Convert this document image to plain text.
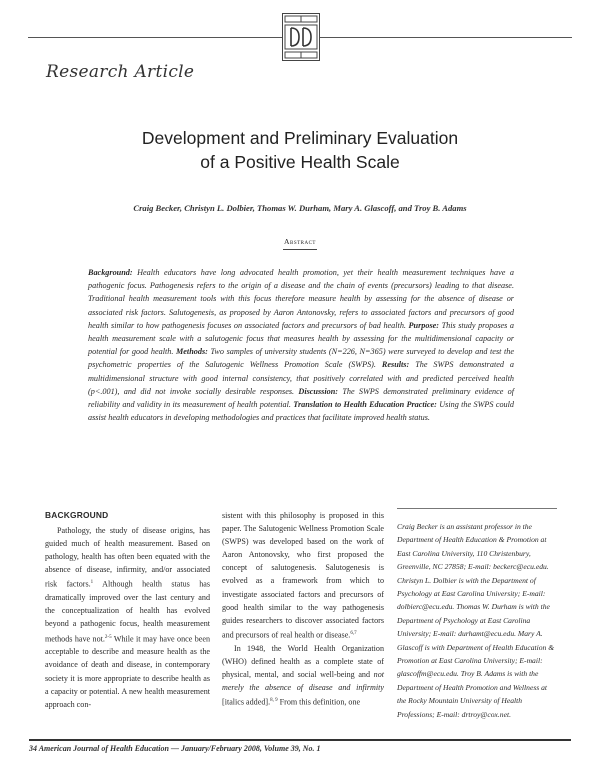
Research Article
Development and Preliminary Evaluation
of a Positive Health Scale
Craig Becker, Christyn L. Dolbier, Thomas W. Durham, Mary A. Glascoff, and Troy B. Adams
Abstract
Background: Health educators have long advocated health promotion, yet their health measurement techniques have a pathogenic focus. Pathogenesis refers to the origin of a disease and the chain of events (precursors) leading to that disease. Traditional health measurement tools with this focus therefore measure health by assessing for the absence of disease or associated risk factors. Salutogenesis, as proposed by Aaron Antonovsky, refers to associated factors and precursors of good health similar to how pathogenesis focuses on associated factors and precursors of bad health. Purpose: This study proposes a health measurement scale with a salutogenic focus that measures health by assessing for the multidimensional capacity or potential for good health. Methods: Two samples of university students (N=226, N=365) were surveyed to develop and test the psychometric properties of the Salutogenic Wellness Promotion Scale (SWPS). Results: The SWPS demonstrated a multidimensional structure with good internal consistency, that positively correlated with and predicted perceived health (p<.001), and did not invoke socially desirable responses. Discussion: The SWPS demonstrated preliminary evidence of reliability and validity in its measurement of health potential. Translation to Health Education Practice: Using the SWPS could assist health educators in developing methodologies and practices that facilitate improved health status.
BACKGROUND

Pathology, the study of disease origins, has guided much of health measurement. Based on pathology, health has often been equated with the absence of disease, infirmity, and/or associated risk factors.$^1$ Although health status has dramatically improved over the last century and the conceptualization of health has evolved beyond a pathogenic focus, health measurement methods have not.$^{2-5}$ While it may have once been acceptable to describe and measure health as the avoidance of death and disease, in contemporary society it is more appropriate to describe health as a capacity or potential. A new health measurement approach con-

sistent with this philosophy is proposed in this paper. The Salutogenic Wellness Promotion Scale (SWPS) was developed based on the work of Aaron Antonovsky, who first proposed the concept of salutogenesis. Salutogenesis is evolved as a framework from which to investigate associated factors and precursors of good health similar to the way pathogenesis guides researchers to discover associated factors and precursors of real health or disease.$^{6,7}$

In 1948, the World Health Organization (WHO) defined health as a complete state of physical, mental, and social well-being and not merely the absence of disease and infirmity [italics added].$^{8, 9}$ From this definition, one

Craig Becker is an assistant professor in the Department of Health Education & Promotion at East Carolina University, 110 Christenbury, Greenville, NC 27858; E-mail: beckerc@ecu.edu. Christyn L. Dolbier is with the Department of Psychology at East Carolina University; E-mail: dolbierc@ecu.edu. Thomas W. Durham is with the Department of Psychology at East Carolina University; E-mail: durhamt@ecu.edu. Mary A. Glascoff is with Department of Health Education & Promotion at East Carolina University; E-mail: glascoffm@ecu.edu. Troy B. Adams is with the Department of Health Promotion and Wellness at the Rocky Mountain University of Health Professions; E-mail: drtroy@cox.net.
34 American Journal of Health Education — January/February 2008, Volume 39, No. 1
